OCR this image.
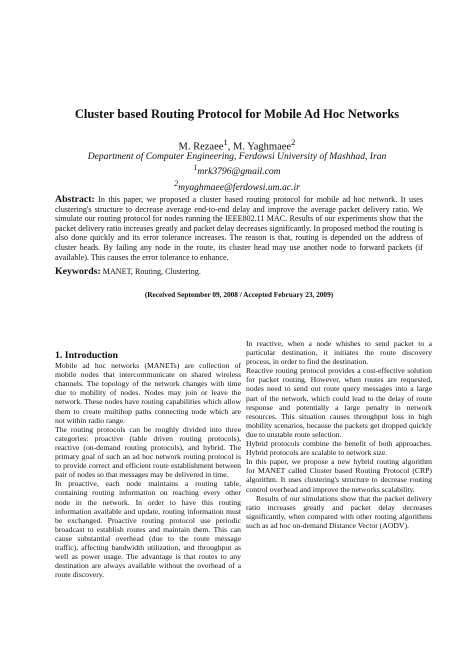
Cluster based Routing Protocol for Mobile Ad Hoc Networks
M. Rezaee$^1$, M. Yaghmaee$^2$
Department of Computer Engineering, Ferdowsi University of Mashhad, Iran
$^1$mrk3796@gmail.com
$^2$myaghmaee@ferdowsi.um.ac.ir
Abstract: In this paper, we proposed a cluster based routing protocol for mobile ad hoc network. It uses clustering's structure to decrease average end-to-end delay and improve the average packet delivery ratio. We simulate our routing protocol for nodes running the IEEE802.11 MAC. Results of our experiments show that the packet delivery ratio increases greatly and packet delay decreases significantly. In proposed method the routing is also done quickly and its error tolerance increases. The reason is that, routing is depended on the address of cluster heads. By failing any node in the route, its cluster head may use another node to forward packets (if available). This causes the error tolerance to enhance.
Keywords: MANET, Routing, Clustering.
(Received September 09, 2008 / Accepted February 23, 2009)
1. Introduction

Mobile ad hoc networks (MANETs) are collection of mobile nodes that intercommunicate on shared wireless channels. The topology of the network changes with time due to mobility of nodes. Nodes may join or leave the network. These nodes have routing capabilities which allow them to create multihop paths connecting node which are not within radio range.

The routing protocols can be roughly divided into three categories: proactive (table driven routing protocols), reactive (on-demand routing protocols), and hybrid. The primary goal of such an ad hoc network routing protocol is to provide correct and efficient route establishment between pair of nodes so that messages may be delivered in time.

In proactive, each node maintains a routing table, containing routing information on reaching every other node in the network. In order to have this routing information available and update, routing information must be exchanged. Proactive routing protocol use periodic broadcast to establish routes and maintain them. This can cause substantial overhead (due to the route message traffic), affecting bandwidth utilization, and throughput as well as power usage. The advantage is that routes to any destination are always available without the overhead of a route discovery.

In reactive, when a node whishes to send packet to a particular destination, it initiates the route discovery process, in order to find the destination.

Reactive routing protocol provides a cost-effective solution for packet routing. However, when routes are requested, nodes need to send out route query messages into a large part of the network, which could lead to the delay of route response and potentially a large penalty in network resources. This situation causes throughput loss in high mobility scenarios, because the packets get dropped quickly due to unstable route selection.

Hybrid protocols combine the benefit of both approaches. Hybrid protocols are scalable to network size.

In this paper, we propose a new hybrid routing algorithm for MANET called Cluster based Routing Protocol (CRP) algorithm. It uses clustering's structure to decrease routing control overhead and improve the networks scalability.

Results of our simulations show that the packet delivery ratio increases greatly and packet delay decreases significantly, when compared with other routing algorithms such as ad hoc on-demand Distance Vector (AODV).
